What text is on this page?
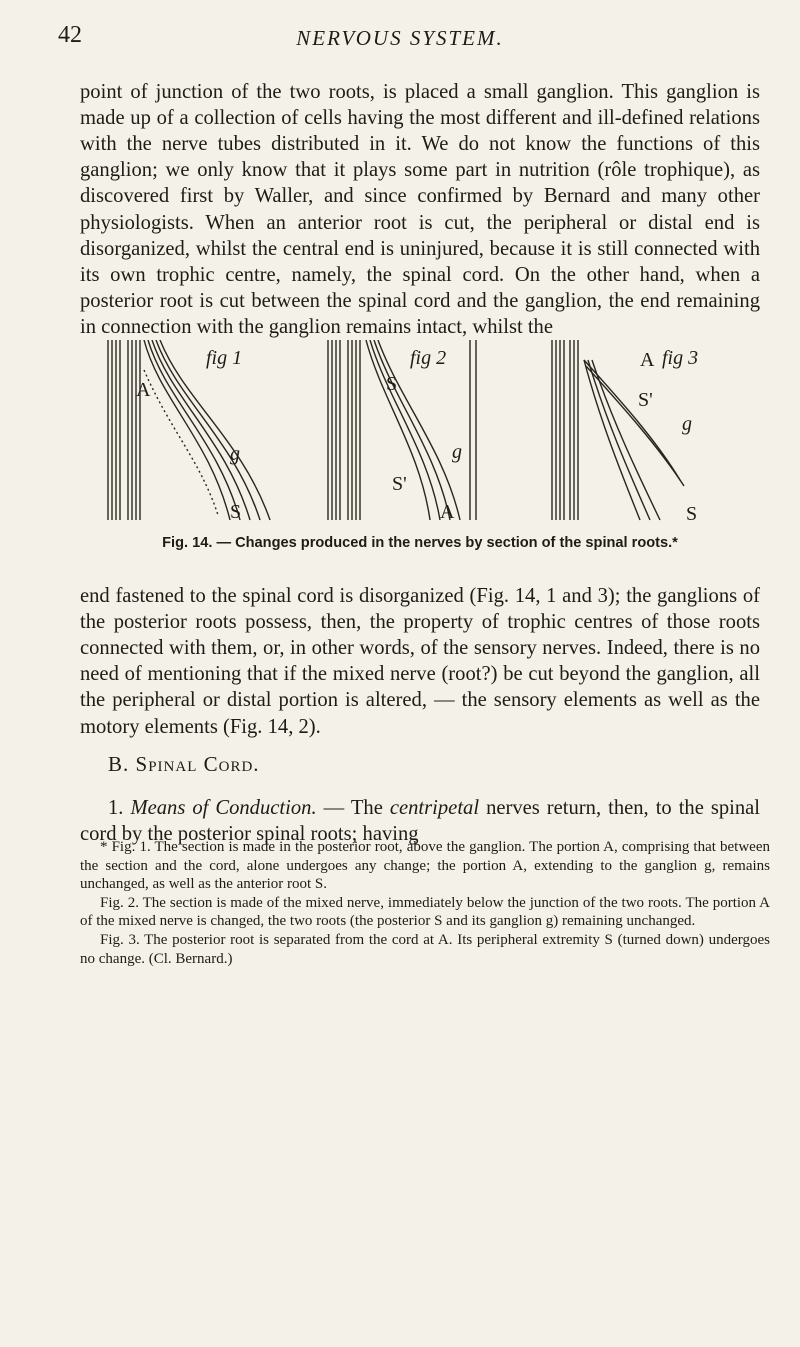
42	NERVOUS SYSTEM.

point of junction of the two roots, is placed a small ganglion. This ganglion is made up of a collection of cells having the most different and ill-defined relations with the nerve tubes distributed in it. We do not know the functions of this ganglion; we only know that it plays some part in nutrition (rôle trophique), as discovered first by Waller, and since confirmed by Bernard and many other physiologists. When an anterior root is cut, the peripheral or distal end is disorganized, whilst the central end is uninjured, because it is still connected with its own trophic centre, namely, the spinal cord. On the other hand, when a posterior root is cut between the spinal cord and the ganglion, the end remaining in connection with the ganglion remains intact, whilst the

fig 1
A
g
S
fig 2
S
g
S'
A
fig 3
A
S'
g
S
Fig. 14. — Changes produced in the nerves by section of the spinal roots.*

end fastened to the spinal cord is disorganized (Fig. 14, 1 and 3); the ganglions of the posterior roots possess, then, the property of trophic centres of those roots connected with them, or, in other words, of the sensory nerves. Indeed, there is no need of mentioning that if the mixed nerve (root?) be cut beyond the ganglion, all the peripheral or distal portion is altered, — the sensory elements as well as the motory elements (Fig. 14, 2).

B. Spinal Cord.

1. Means of Conduction. — The centripetal nerves return, then, to the spinal cord by the posterior spinal roots; having

* Fig. 1. The section is made in the posterior root, above the ganglion. The portion A, comprising that between the section and the cord, alone undergoes any change; the portion A, extending to the ganglion g, remains unchanged, as well as the anterior root S.

Fig. 2. The section is made of the mixed nerve, immediately below the junction of the two roots. The portion A of the mixed nerve is changed, the two roots (the posterior S and its ganglion g) remaining unchanged.

Fig. 3. The posterior root is separated from the cord at A. Its peripheral extremity S (turned down) undergoes no change. (Cl. Bernard.)
